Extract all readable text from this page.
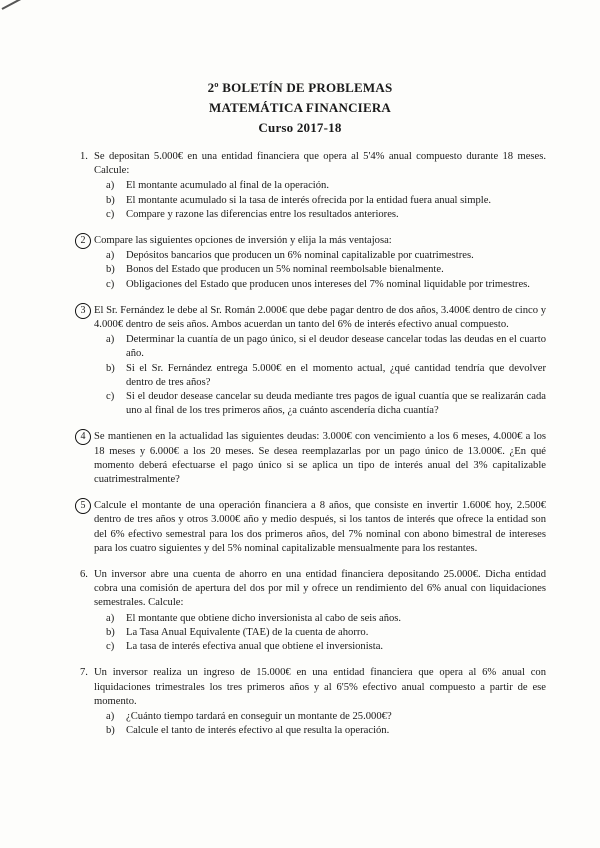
2º BOLETÍN DE PROBLEMAS
MATEMÁTICA FINANCIERA
Curso 2017-18
1. Se depositan 5.000€ en una entidad financiera que opera al 5'4% anual compuesto durante 18 meses. Calcule:
a) El montante acumulado al final de la operación.
b) El montante acumulado si la tasa de interés ofrecida por la entidad fuera anual simple.
c) Compare y razone las diferencias entre los resultados anteriores.
2 Compare las siguientes opciones de inversión y elija la más ventajosa:
a) Depósitos bancarios que producen un 6% nominal capitalizable por cuatrimestres.
b) Bonos del Estado que producen un 5% nominal reembolsable bienalmente.
c) Obligaciones del Estado que producen unos intereses del 7% nominal liquidable por trimestres.
3 El Sr. Fernández le debe al Sr. Román 2.000€ que debe pagar dentro de dos años, 3.400€ dentro de cinco y 4.000€ dentro de seis años. Ambos acuerdan un tanto del 6% de interés efectivo anual compuesto.
a) Determinar la cuantía de un pago único, si el deudor desease cancelar todas las deudas en el cuarto año.
b) Si el Sr. Fernández entrega 5.000€ en el momento actual, ¿qué cantidad tendría que devolver dentro de tres años?
c) Si el deudor desease cancelar su deuda mediante tres pagos de igual cuantía que se realizarán cada uno al final de los tres primeros años, ¿a cuánto ascendería dicha cuantía?
4 Se mantienen en la actualidad las siguientes deudas: 3.000€ con vencimiento a los 6 meses, 4.000€ a los 18 meses y 6.000€ a los 20 meses. Se desea reemplazarlas por un pago único de 13.000€. ¿En qué momento deberá efectuarse el pago único si se aplica un tipo de interés anual del 3% capitalizable cuatrimestralmente?
5 Calcule el montante de una operación financiera a 8 años, que consiste en invertir 1.600€ hoy, 2.500€ dentro de tres años y otros 3.000€ año y medio después, si los tantos de interés que ofrece la entidad son del 6% efectivo semestral para los dos primeros años, del 7% nominal con abono bimestral de intereses para los cuatro siguientes y del 5% nominal capitalizable mensualmente para los restantes.
6. Un inversor abre una cuenta de ahorro en una entidad financiera depositando 25.000€. Dicha entidad cobra una comisión de apertura del dos por mil y ofrece un rendimiento del 6% anual con liquidaciones semestrales. Calcule:
a) El montante que obtiene dicho inversionista al cabo de seis años.
b) La Tasa Anual Equivalente (TAE) de la cuenta de ahorro.
c) La tasa de interés efectiva anual que obtiene el inversionista.
7. Un inversor realiza un ingreso de 15.000€ en una entidad financiera que opera al 6% anual con liquidaciones trimestrales los tres primeros años y al 6'5% efectivo anual compuesto a partir de ese momento.
a) ¿Cuánto tiempo tardará en conseguir un montante de 25.000€?
b) Calcule el tanto de interés efectivo al que resulta la operación.
